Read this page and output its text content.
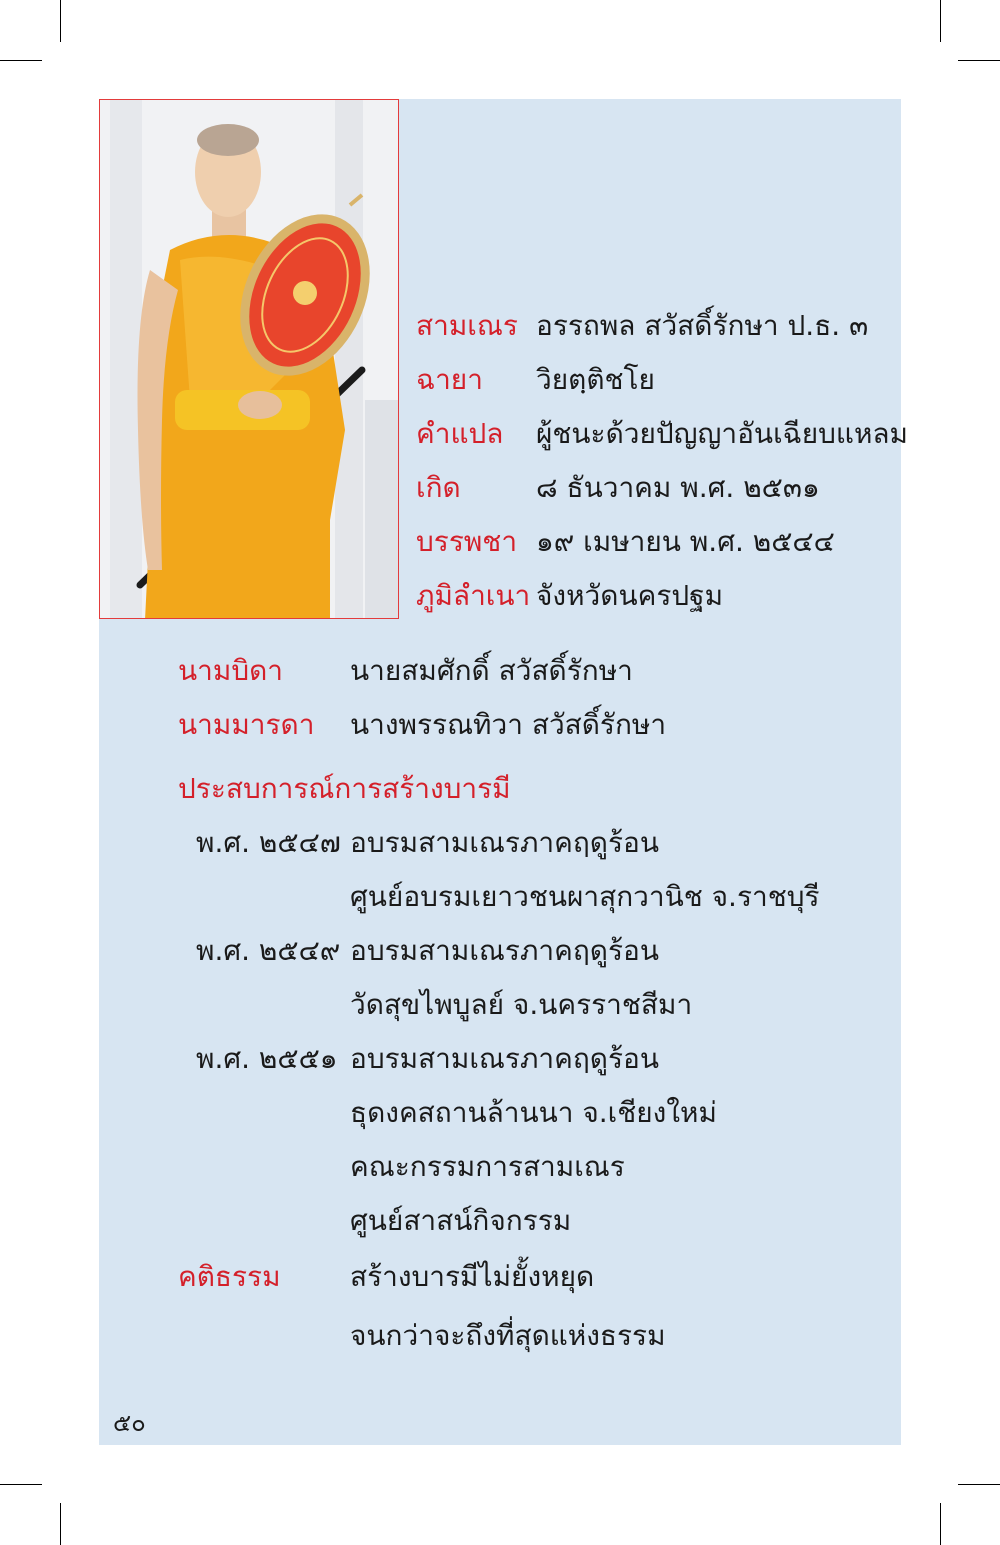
สามเณร อรรถพล สวัสดิ์รักษา ป.ธ. ๓
ฉายา วิยตฺติชโย
คำแปล ผู้ชนะด้วยปัญญาอันเฉียบแหลม
เกิด	๘ ธันวาคม พ.ศ. ๒๕๓๑
บรรพชา ๑๙ เมษายน พ.ศ. ๒๕๔๔
ภูมิลำเนา จังหวัดนครปฐม
นามบิดา นายสมศักดิ์ สวัสดิ์รักษา
นามมารดา นางพรรณทิวา สวัสดิ์รักษา
ประสบการณ์การสร้างบารมี
พ.ศ. ๒๕๔๗ อบรมสามเณรภาคฤดูร้อน
ศูนย์อบรมเยาวชนผาสุกวานิช จ.ราชบุรี
พ.ศ. ๒๕๔๙ อบรมสามเณรภาคฤดูร้อน
วัดสุขไพบูลย์ จ.นครราชสีมา
พ.ศ. ๒๕๕๑ อบรมสามเณรภาคฤดูร้อน
ธุดงคสถานล้านนา จ.เชียงใหม่
คณะกรรมการสามเณร
ศูนย์สาสน์กิจกรรม
คติธรรม สร้างบารมีไม่ยั้งหยุด
จนกว่าจะถึงที่สุดแห่งธรรม
๕๐
